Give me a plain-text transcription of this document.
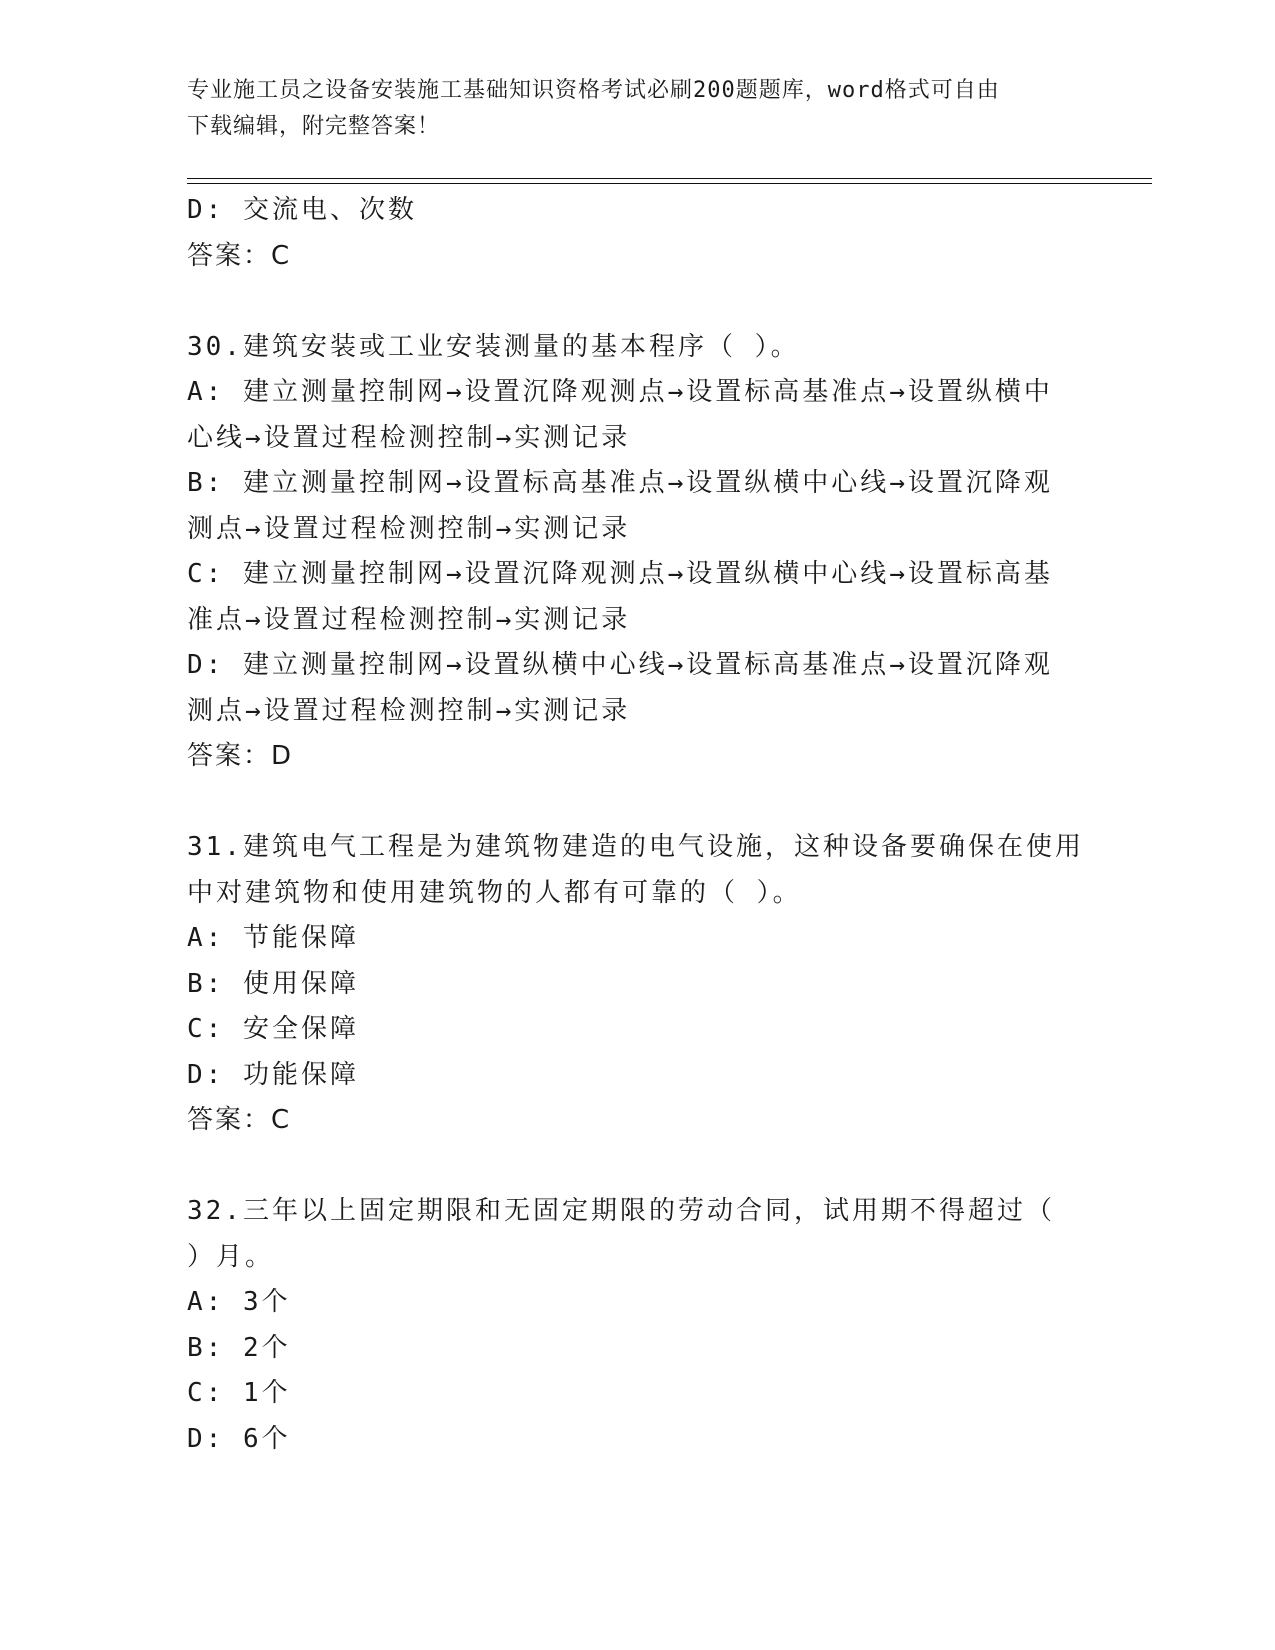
专业施工员之设备安装施工基础知识资格考试必刷200题题库，word格式可自由
下载编辑，附完整答案！
D: 交流电、次数
答案：C
30.建筑安装或工业安装测量的基本程序（ ）。
A: 建立测量控制网→设置沉降观测点→设置标高基准点→设置纵横中
心线→设置过程检测控制→实测记录
B: 建立测量控制网→设置标高基准点→设置纵横中心线→设置沉降观
测点→设置过程检测控制→实测记录
C: 建立测量控制网→设置沉降观测点→设置纵横中心线→设置标高基
准点→设置过程检测控制→实测记录
D: 建立测量控制网→设置纵横中心线→设置标高基准点→设置沉降观
测点→设置过程检测控制→实测记录
答案：D
31.建筑电气工程是为建筑物建造的电气设施，这种设备要确保在使用
中对建筑物和使用建筑物的人都有可靠的（ ）。
A: 节能保障
B: 使用保障
C: 安全保障
D: 功能保障
答案：C
32.三年以上固定期限和无固定期限的劳动合同，试用期不得超过（
）月。
A: 3个
B: 2个
C: 1个
D: 6个
